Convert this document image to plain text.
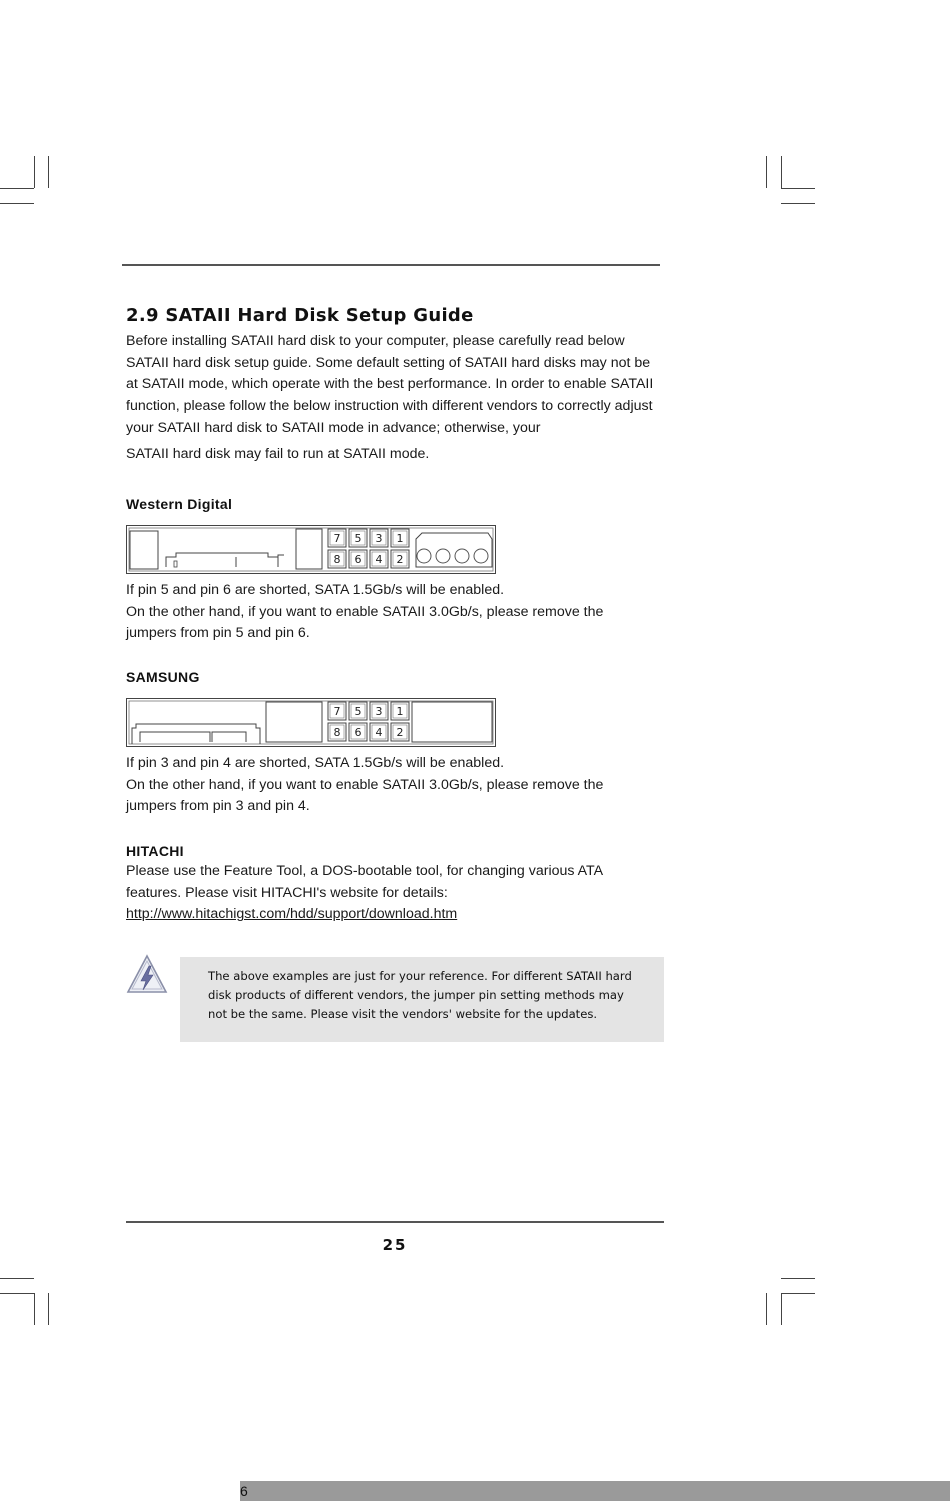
2.9 SATAII Hard Disk Setup Guide

Before installing SATAII hard disk to your computer, please carefully read below
SATAII hard disk setup guide. Some default setting of SATAII hard disks may not be
at SATAII mode, which operate with the best performance. In order to enable SATAII
function, please follow the below instruction with different vendors to correctly adjust
your SATAII hard disk to SATAII mode in advance; otherwise, your
SATAII hard disk may fail to run at SATAII mode.

Western Digital
7 5 3 1
8 6 4 2

If pin 5 and pin 6 are shorted, SATA 1.5Gb/s will be enabled.
On the other hand, if you want to enable SATAII 3.0Gb/s, please remove the
jumpers from pin 5 and pin 6.

SAMSUNG
7 5 3 1
8 6 4 2

If pin 3 and pin 4 are shorted, SATA 1.5Gb/s will be enabled.
On the other hand, if you want to enable SATAII 3.0Gb/s, please remove the
jumpers from pin 3 and pin 4.

HITACHI

Please use the Feature Tool, a DOS-bootable tool, for changing various ATA
features. Please visit HITACHI's website for details:
http://www.hitachigst.com/hdd/support/download.htm

The above examples are just for your reference. For different SATAII hard
disk products of different vendors, the jumper pin setting methods may
not be the same. Please visit the vendors' website for the updates.

25
6
